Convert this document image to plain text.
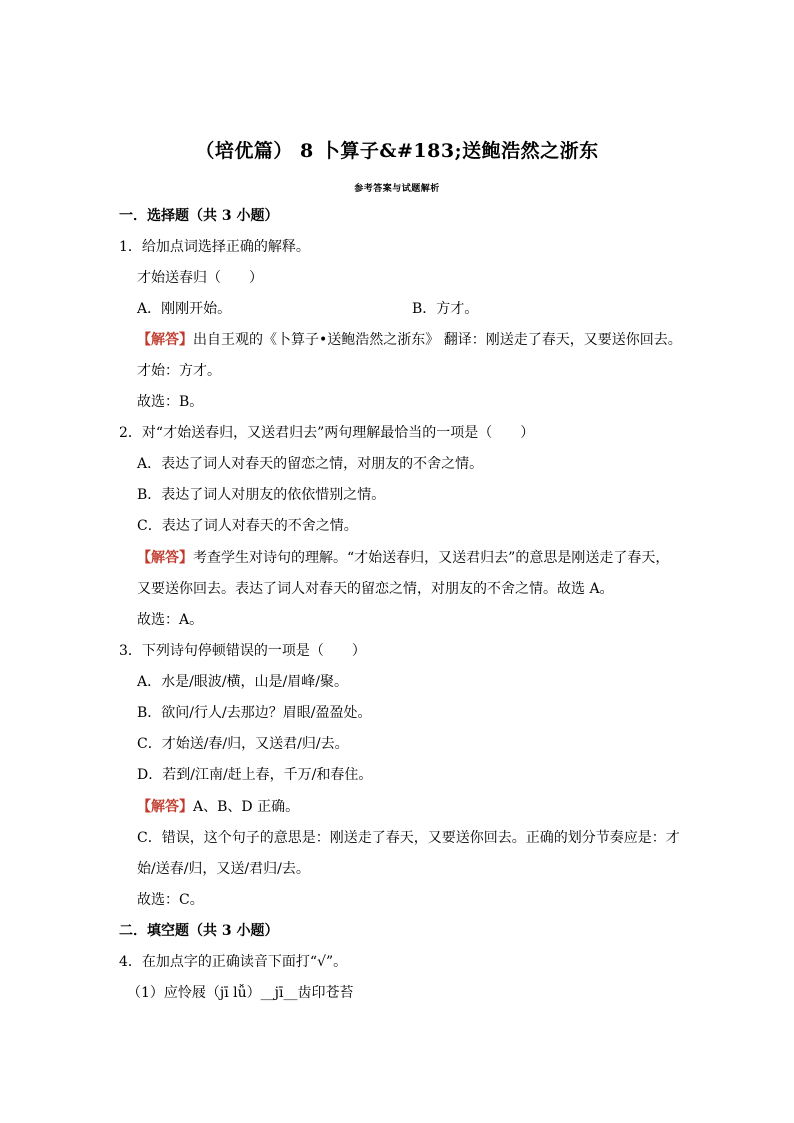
（培优篇） 8 卜算子&#183;送鲍浩然之浙东
参考答案与试题解析
一．选择题（共 3 小题）
1．给加点词选择正确的解释。
才始送春归（　　）
A．刚刚开始。	B．方才。
【解答】出自王观的《卜算子•送鲍浩然之浙东》 翻译：刚送走了春天，又要送你回去。
才始：方才。
故选：B。
2．对“才始送春归，又送君归去”两句理解最恰当的一项是（　　）
A．表达了词人对春天的留恋之情，对朋友的不舍之情。
B．表达了词人对朋友的依依惜别之情。
C．表达了词人对春天的不舍之情。
【解答】考查学生对诗句的理解。“才始送春归，又送君归去”的意思是刚送走了春天，
又要送你回去。表达了词人对春天的留恋之情，对朋友的不舍之情。故选 A。
故选：A。
3．下列诗句停顿错误的一项是（　　）
A．水是/眼波/横，山是/眉峰/聚。
B．欲问/行人/去那边？眉眼/盈盈处。
C．才始送/春/归，又送君/归/去。
D．若到/江南/赶上春，千万/和春住。
【解答】A、B、D 正确。
C．错误，这个句子的意思是：刚送走了春天，又要送你回去。正确的划分节奏应是：才
始/送春/归，又送/君归/去。
故选：C。
二．填空题（共 3 小题）
4．在加点字的正确读音下面打“√”。
（1）应怜屐（jī lǚ）__jī__齿印苍苔
